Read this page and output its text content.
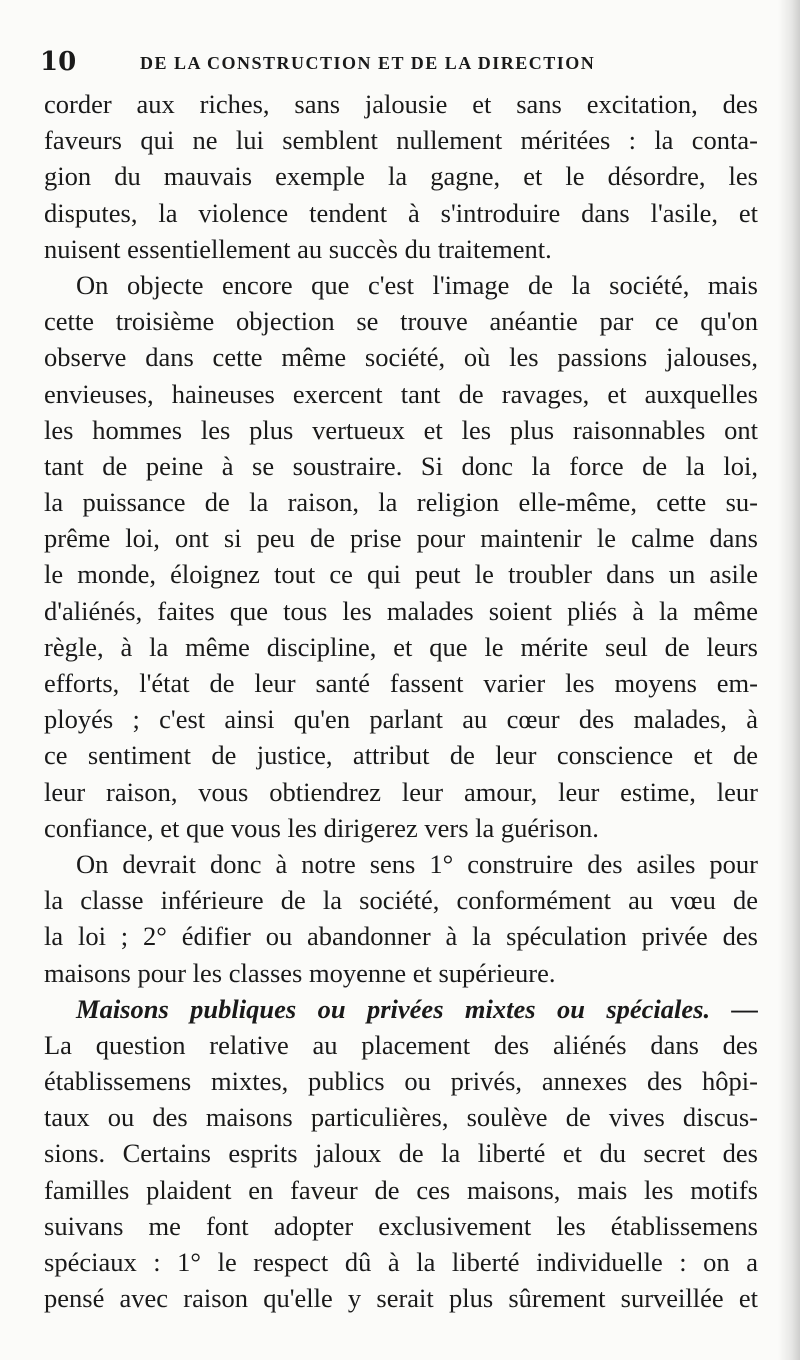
10	DE LA CONSTRUCTION ET DE LA DIRECTION
corder aux riches, sans jalousie et sans excitation, des
faveurs qui ne lui semblent nullement méritées : la conta-
gion du mauvais exemple la gagne, et le désordre, les
disputes, la violence tendent à s'introduire dans l'asile, et
nuisent essentiellement au succès du traitement.
On objecte encore que c'est l'image de la société, mais
cette troisième objection se trouve anéantie par ce qu'on
observe dans cette même société, où les passions jalouses,
envieuses, haineuses exercent tant de ravages, et auxquelles
les hommes les plus vertueux et les plus raisonnables ont
tant de peine à se soustraire. Si donc la force de la loi,
la puissance de la raison, la religion elle-même, cette su-
prême loi, ont si peu de prise pour maintenir le calme dans
le monde, éloignez tout ce qui peut le troubler dans un asile
d'aliénés, faites que tous les malades soient pliés à la même
règle, à la même discipline, et que le mérite seul de leurs
efforts, l'état de leur santé fassent varier les moyens em-
ployés ; c'est ainsi qu'en parlant au cœur des malades, à
ce sentiment de justice, attribut de leur conscience et de
leur raison, vous obtiendrez leur amour, leur estime, leur
confiance, et que vous les dirigerez vers la guérison.
On devrait donc à notre sens 1° construire des asiles pour
la classe inférieure de la société, conformément au vœu de
la loi ; 2° édifier ou abandonner à la spéculation privée des
maisons pour les classes moyenne et supérieure.
Maisons publiques ou privées mixtes ou spéciales. —
La question relative au placement des aliénés dans des
établissemens mixtes, publics ou privés, annexes des hôpi-
taux ou des maisons particulières, soulève de vives discus-
sions. Certains esprits jaloux de la liberté et du secret des
familles plaident en faveur de ces maisons, mais les motifs
suivans me font adopter exclusivement les établissemens
spéciaux : 1° le respect dû à la liberté individuelle : on a
pensé avec raison qu'elle y serait plus sûrement surveillée et
